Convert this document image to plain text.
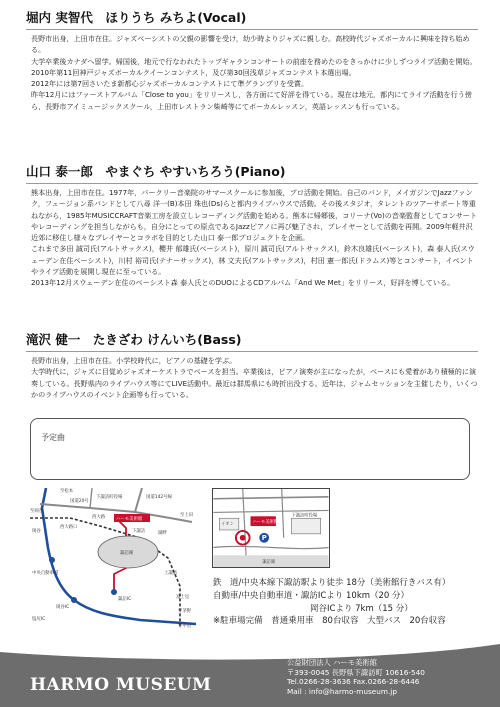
堀内 実智代　ほりうち みちよ(Vocal)

長野市出身，上田市在住。ジャズベーシストの父親の影響を受け，幼少時よりジャズに親しむ。高校時代ジャズボーカルに興味を持ち始める。

大学卒業後カナダへ留学。帰国後，地元で行なわれたトップギャランコンサートの前座を務めたのをきっかけに少しずつライブ活動を開始。2010年第11回神戸ジャズボーカルクイーンコンテスト，及び第30回浅草ジャズコンテスト本選出場。

2012年には第7回さいたま新都心ジャズボーカルコンテストにて準グランプリを受賞。

昨年12月にはファーストアルバム「Close to you」をリリースし，各方面にて好評を得ている。現在は地元，都内にてライブ活動を行う傍ら，長野市アイミュージックスクール，上田市レストラン柴崎等にてボーカルレッスン，英語レッスンも行っている。

山口 泰一郎　やまぐち やすいちろう(Piano)

熊本出身，上田市在住。1977年，バークリー音楽院のサマースクールに参加後，プロ活動を開始。自己のバンド，メイガジンでJazzファンク，フュージョン系バンドとして八尋 洋一(B)本田 珠也(Ds)らと都内ライブハウスで活動。その後スタジオ，タレントのツアーサポート等重ねながら，1985年MUSICCRAFT音楽工房を設立しレコーディング活動を始める。熊本に帰郷後，コリーナ(Vo)の音楽監督としてコンサートやレコーディングを担当しながらも，自分にとっての原点であるJazzピアノに再び魅了され，プレイヤーとして活動を再開。2009年軽井沢近郊に移住し様々なプレイヤーとコラボを目的とした山口 泰一郎プロジェクトを企画。

これまで多田 誠司氏(アルトサックス)，櫻井 郁雄氏(ベーシスト)，原川 誠司氏(アルトサックス)，鈴木良雄氏(ベーシスト)，森 泰人氏(スウェーデン在住ベーシスト)，川村 裕司氏(テナーサックス)，林 文夫氏(アルトサックス)，村田 憲一郎氏(ドラムス)等とコンサート，イベントやライブ活動を展開し現在に至っている。

2013年12月スウェーデン在住のベーシスト森 泰人氏とのDUOによるCDアルバム「And We Met」をリリース，好評を博している。

滝沢 健一　たきざわ けんいち(Bass)

長野市出身，上田市在住。小学校時代に，ピアノの基礎を学ぶ。

大学時代に，ジャズに目覚めジャズオーケストラでベースを担当。卒業後は，ピアノ演奏が主になったが，ベースにも愛着があり積極的に演奏している。長野県内のライブハウス等にてLIVE活動中。最近は群馬県にも時折出没する。近年は，ジャムセッションを主催したり，いくつかのライブハウスのイベント企画等も行っている。

予定曲
至松本
至岡谷
至茅野
至甲府
下諏訪町役場
国道20号
西大路口
西大路 ハーモ美術館
国道142号線
至上田
諏訪湖
湖畔
富士見
上諏訪
下諏訪
岡谷
中央自動車道
諏訪IC
岡谷IC
塩尻IC
P
ハーモ美術館
下諏訪町役場
イオン
諏訪湖
鉄　道/中央本線下諏訪駅より徒歩 18分（美術館行きバス有）
自動車/中央自動車道・諏訪ICより 10km（20 分）
岡谷ICより 7km（15 分）
※駐車場完備　普通乗用車　80台収容　大型バス　20台収容
HARMO MUSEUM
公益財団法人 ハーモ美術館
〒393-0045 長野県下諏訪町 10616-540
Tel.0266-28-3636 Fax.0266-28-6446
Mail : info@harmo-museum.jp
